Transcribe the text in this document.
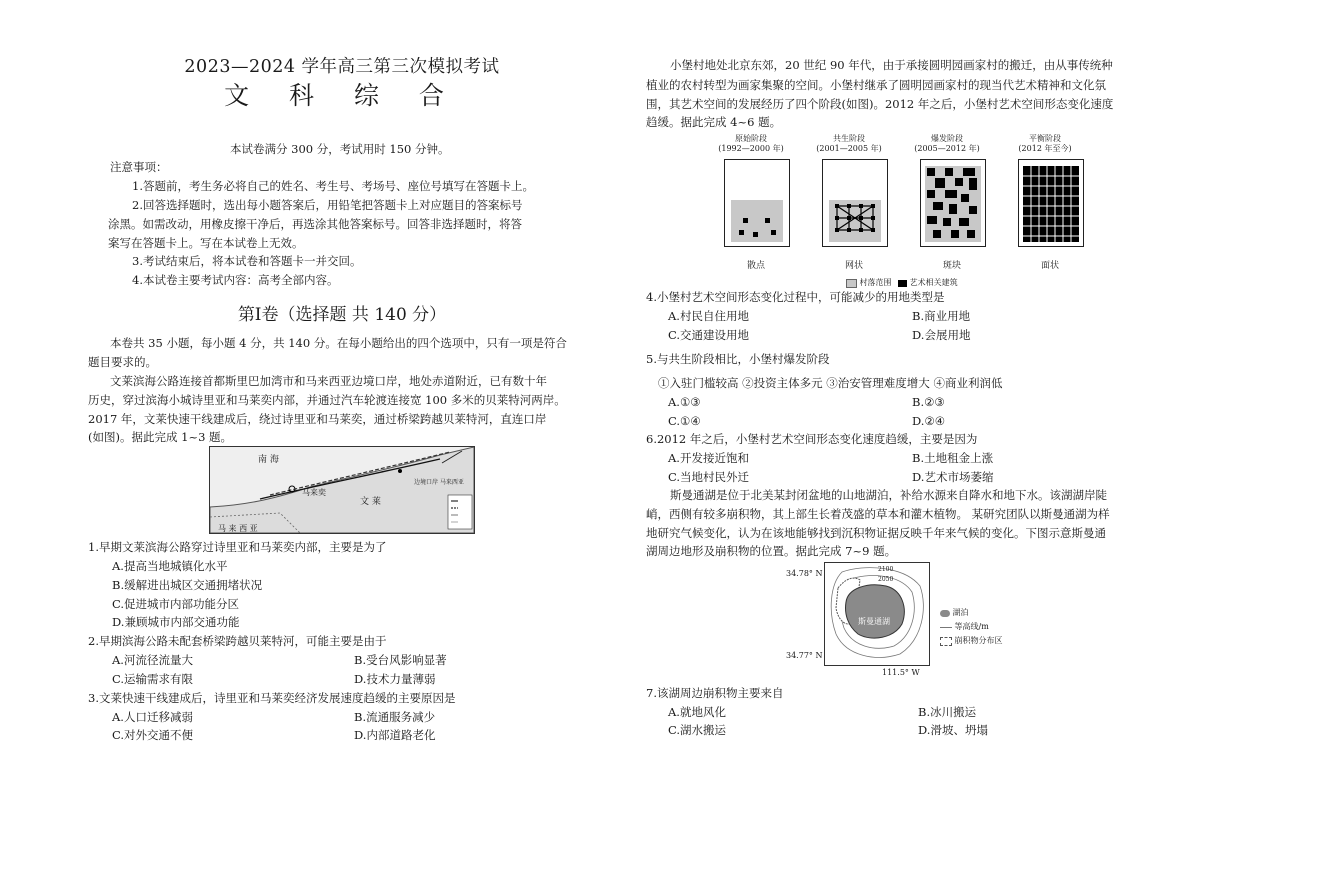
2023—2024 学年高三第三次模拟考试
文 科 综 合
本试卷满分 300 分，考试用时 150 分钟。
注意事项：
1.答题前，考生务必将自己的姓名、考生号、考场号、座位号填写在答题卡上。
2.回答选择题时，选出每小题答案后，用铅笔把答题卡上对应题目的答案标号
涂黑。如需改动，用橡皮擦干净后，再选涂其他答案标号。回答非选择题时，将答
案写在答题卡上。写在本试卷上无效。
3.考试结束后，将本试卷和答题卡一并交回。
4.本试卷主要考试内容：高考全部内容。
第Ⅰ卷（选择题 共 140 分）
本卷共 35 小题，每小题 4 分，共 140 分。在每小题给出的四个选项中，只有一项是符合
题目要求的。
文莱滨海公路连接首都斯里巴加湾市和马来西亚边境口岸，地处赤道附近，已有数十年
历史，穿过滨海小城诗里亚和马莱奕内部，并通过汽车轮渡连接宽 100 多米的贝莱特河两岸。
2017 年，文莱快速干线建成后，绕过诗里亚和马莱奕，通过桥梁跨越贝莱特河，直连口岸
(如图)。据此完成 1~3 题。
南 海
马来奕
文 莱
马 来 西 亚
边境口岸 马来西亚
1.早期文莱滨海公路穿过诗里亚和马莱奕内部，主要是为了
A.提高当地城镇化水平
B.缓解进出城区交通拥堵状况
C.促进城市内部功能分区
D.兼顾城市内部交通功能
2.早期滨海公路未配套桥梁跨越贝莱特河，可能主要是由于
A.河流径流量大	B.受台风影响显著
C.运输需求有限	D.技术力量薄弱
3.文莱快速干线建成后，诗里亚和马莱奕经济发展速度趋缓的主要原因是
A.人口迁移减弱	B.流通服务减少
C.对外交通不便	D.内部道路老化
小堡村地处北京东郊，20 世纪 90 年代，由于承接圆明园画家村的搬迁，由从事传统种
植业的农村转型为画家集聚的空间。小堡村继承了圆明园画家村的现当代艺术精神和文化氛
围，其艺术空间的发展经历了四个阶段(如图)。2012 年之后，小堡村艺术空间形态变化速度
趋缓。据此完成 4~6 题。
原始阶段
(1992—2000 年)
散点
共生阶段
(2001—2005 年)
网状
爆发阶段
(2005—2012 年)
斑块
平衡阶段
(2012 年至今)
面状
村落范围 艺术相关建筑
4.小堡村艺术空间形态变化过程中，可能减少的用地类型是
A.村民自住用地	B.商业用地
C.交通建设用地	D.会展用地
5.与共生阶段相比，小堡村爆发阶段
①入驻门槛较高 ②投资主体多元 ③治安管理难度增大 ④商业利润低
A.①③	B.②③
C.①④	D.②④
6.2012 年之后，小堡村艺术空间形态变化速度趋缓，主要是因为
A.开发接近饱和	B.土地租金上涨
C.当地村民外迁	D.艺术市场萎缩
斯曼通湖是位于北美某封闭盆地的山地湖泊，补给水源来自降水和地下水。该湖湖岸陡
峭，西侧有较多崩积物，其上部生长着茂盛的草本和灌木植物。 某研究团队以斯曼通湖为样
地研究气候变化，认为在该地能够找到沉积物证据反映千年来气候的变化。下图示意斯曼通
湖周边地形及崩积物的位置。据此完成 7~9 题。
34.78° N
34.77° N
111.5° W
斯曼通湖
2100
2050
湖泊
等高线/m
崩积物分布区
7.该湖周边崩积物主要来自
A.就地风化	B.冰川搬运
C.湖水搬运	D.滑坡、坍塌
